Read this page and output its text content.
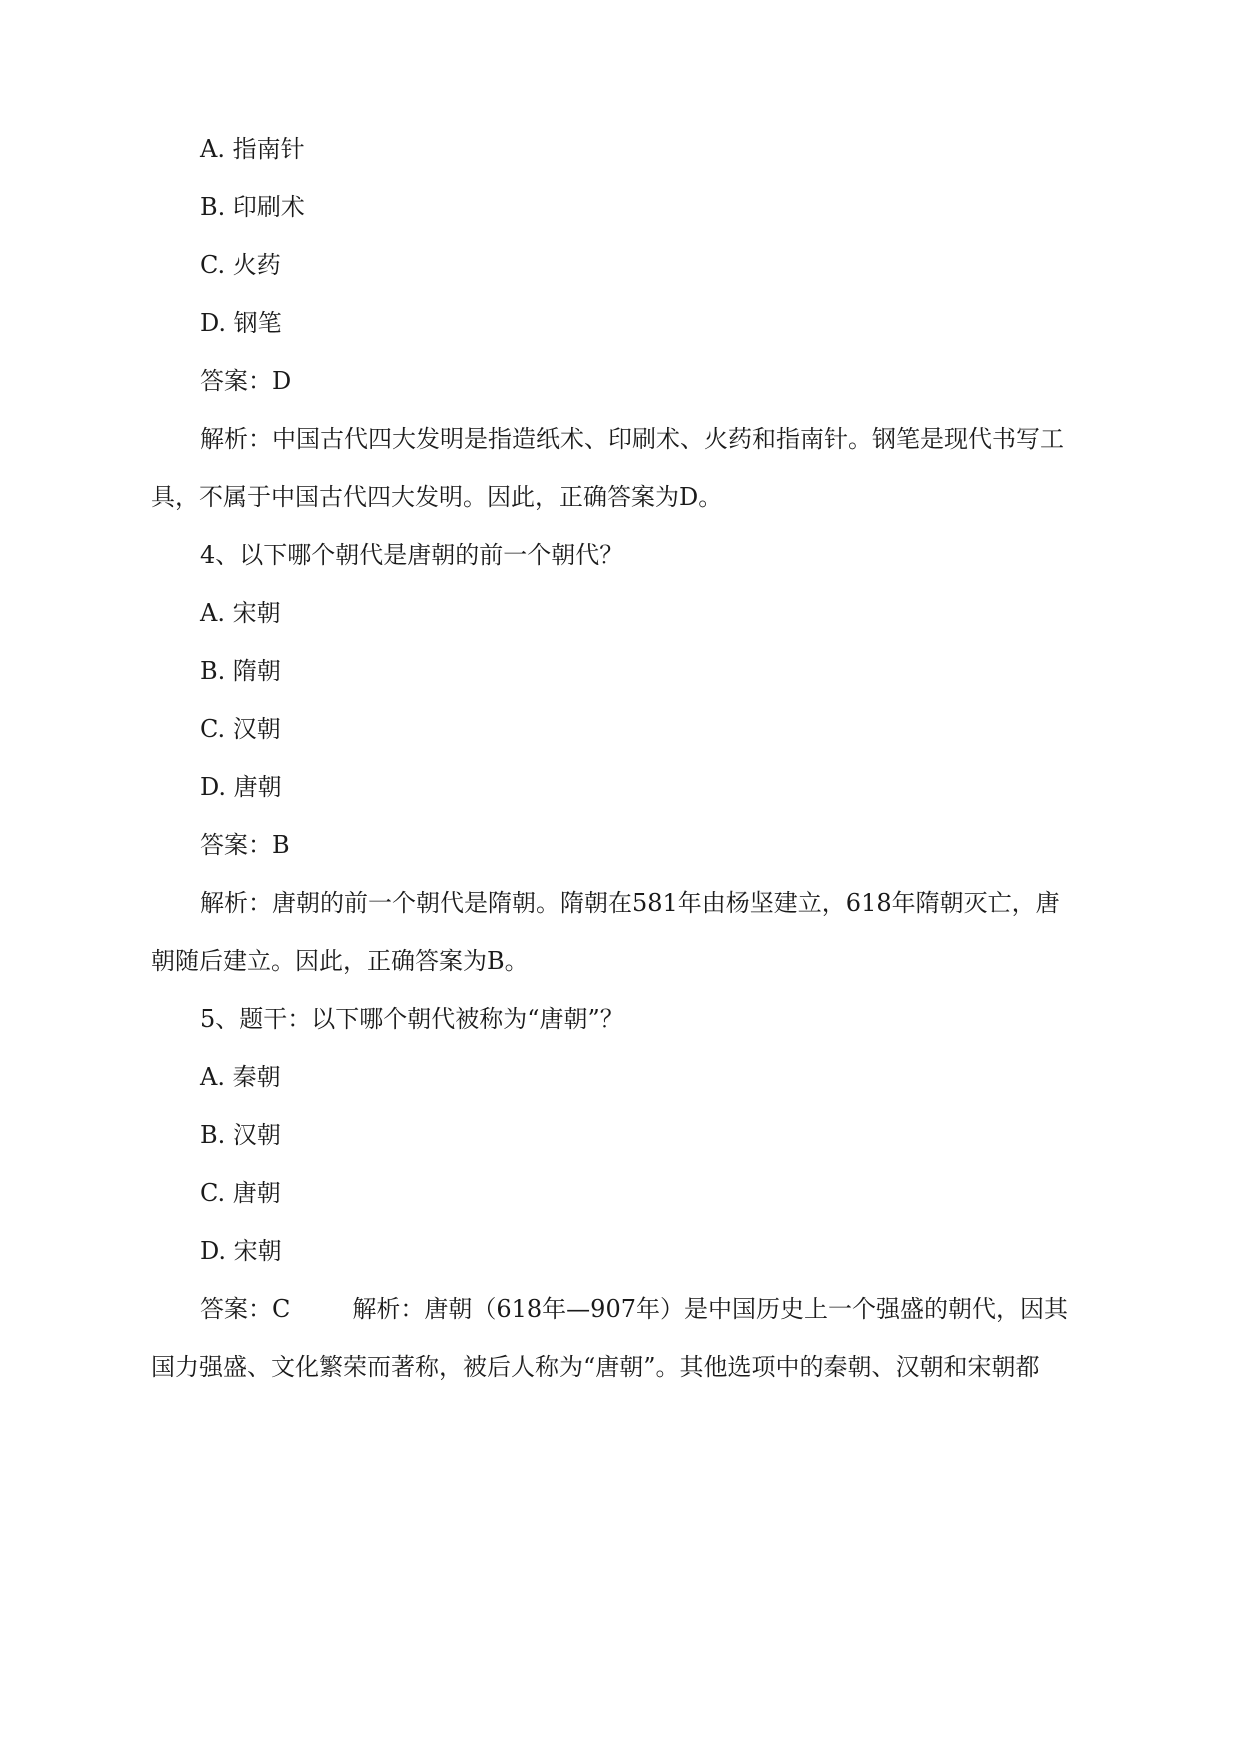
A. 指南针
B. 印刷术
C. 火药
D. 钢笔
答案：D
解析：中国古代四大发明是指造纸术、印刷术、火药和指南针。钢笔是现代书写工
具，不属于中国古代四大发明。因此，正确答案为D。
4、以下哪个朝代是唐朝的前一个朝代？
A. 宋朝
B. 隋朝
C. 汉朝
D. 唐朝
答案：B
解析：唐朝的前一个朝代是隋朝。隋朝在581年由杨坚建立，618年隋朝灭亡，唐
朝随后建立。因此，正确答案为B。
5、题干：以下哪个朝代被称为“唐朝”？
A. 秦朝
B. 汉朝
C. 唐朝
D. 宋朝
答案：C	解析：唐朝（618年—907年）是中国历史上一个强盛的朝代，因其
国力强盛、文化繁荣而著称，被后人称为“唐朝”。其他选项中的秦朝、汉朝和宋朝都
